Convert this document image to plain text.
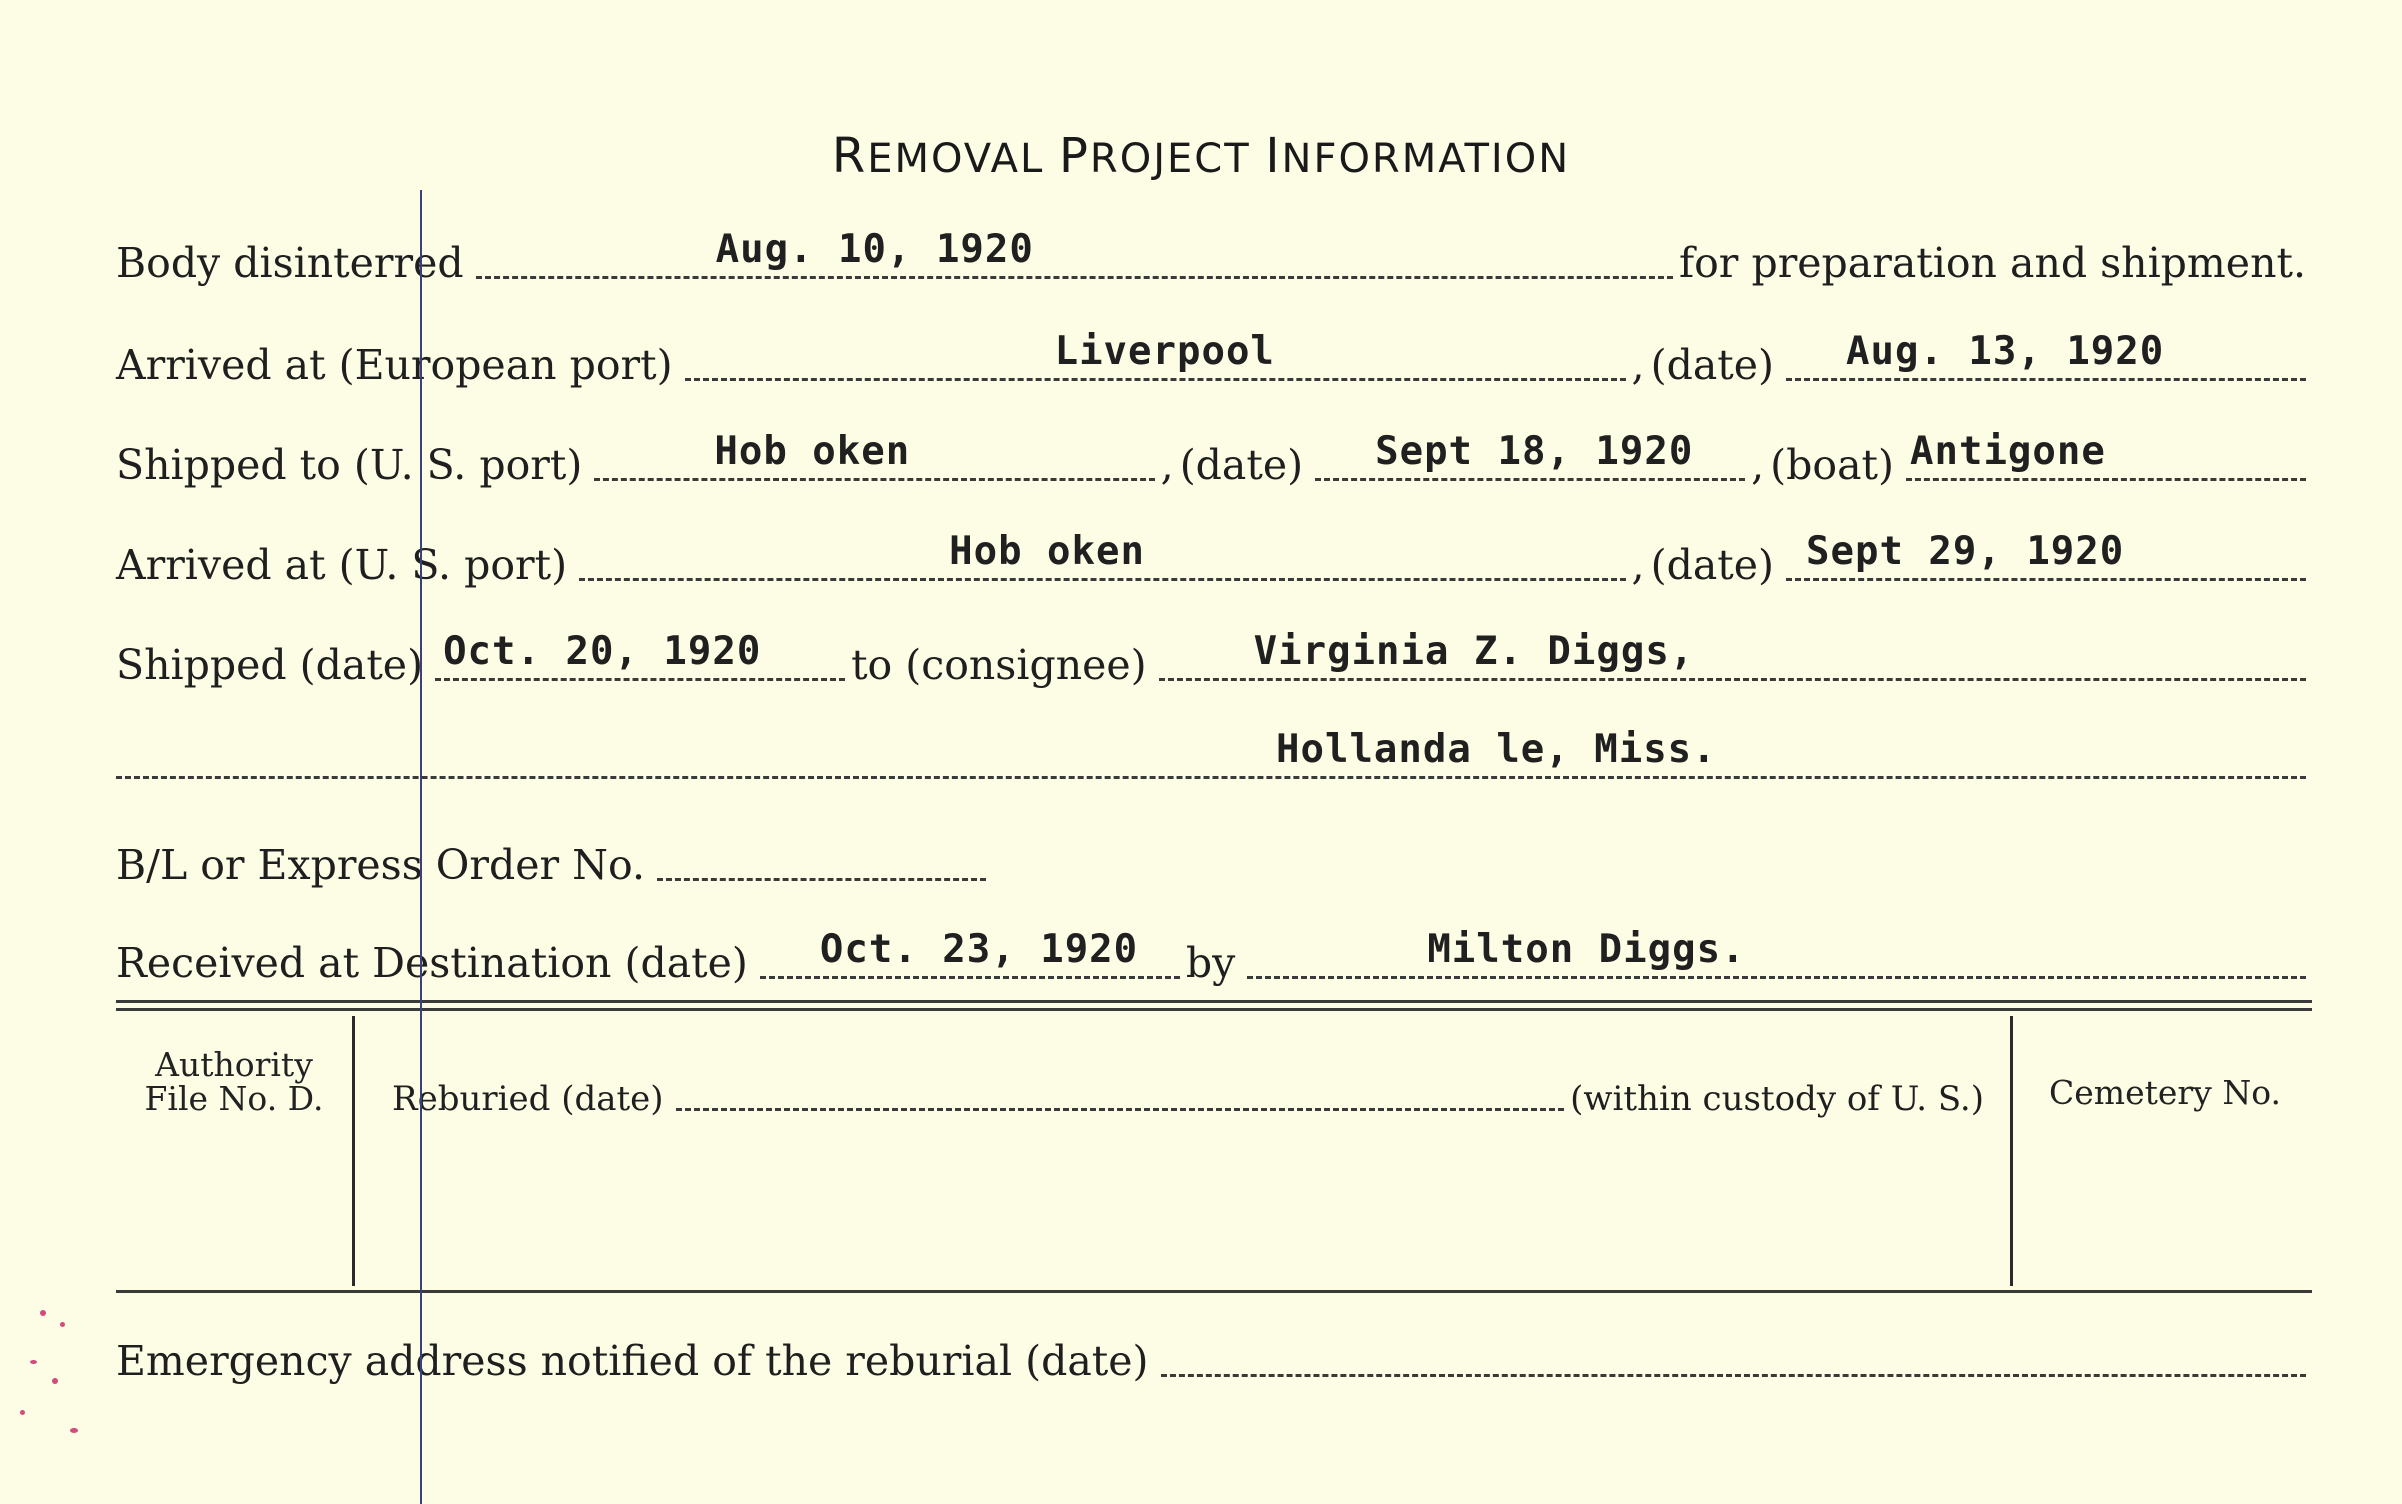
REMOVAL PROJECT INFORMATION
Body disinterred	Aug. 10, 1920	for preparation and shipment.
Arrived at (European port)	Liverpool	, (date) Aug. 13, 1920
Shipped to (U. S. port)	Hob oken	, (date) Sept 18, 1920 , (boat) Antigone
Arrived at (U. S. port)	Hob oken	, (date) Sept 29, 1920
Shipped (date) Oct. 20, 1920 to (consignee)	Virginia Z. Diggs,
Hollanda le, Miss.
B/L or Express Order No.
Received at Destination (date) Oct. 23, 1920 by	Milton Diggs.
Authority
File No. D.	Reburied (date)	(within custody of U. S.)	Cemetery No.
Emergency address notified of the reburial (date)
